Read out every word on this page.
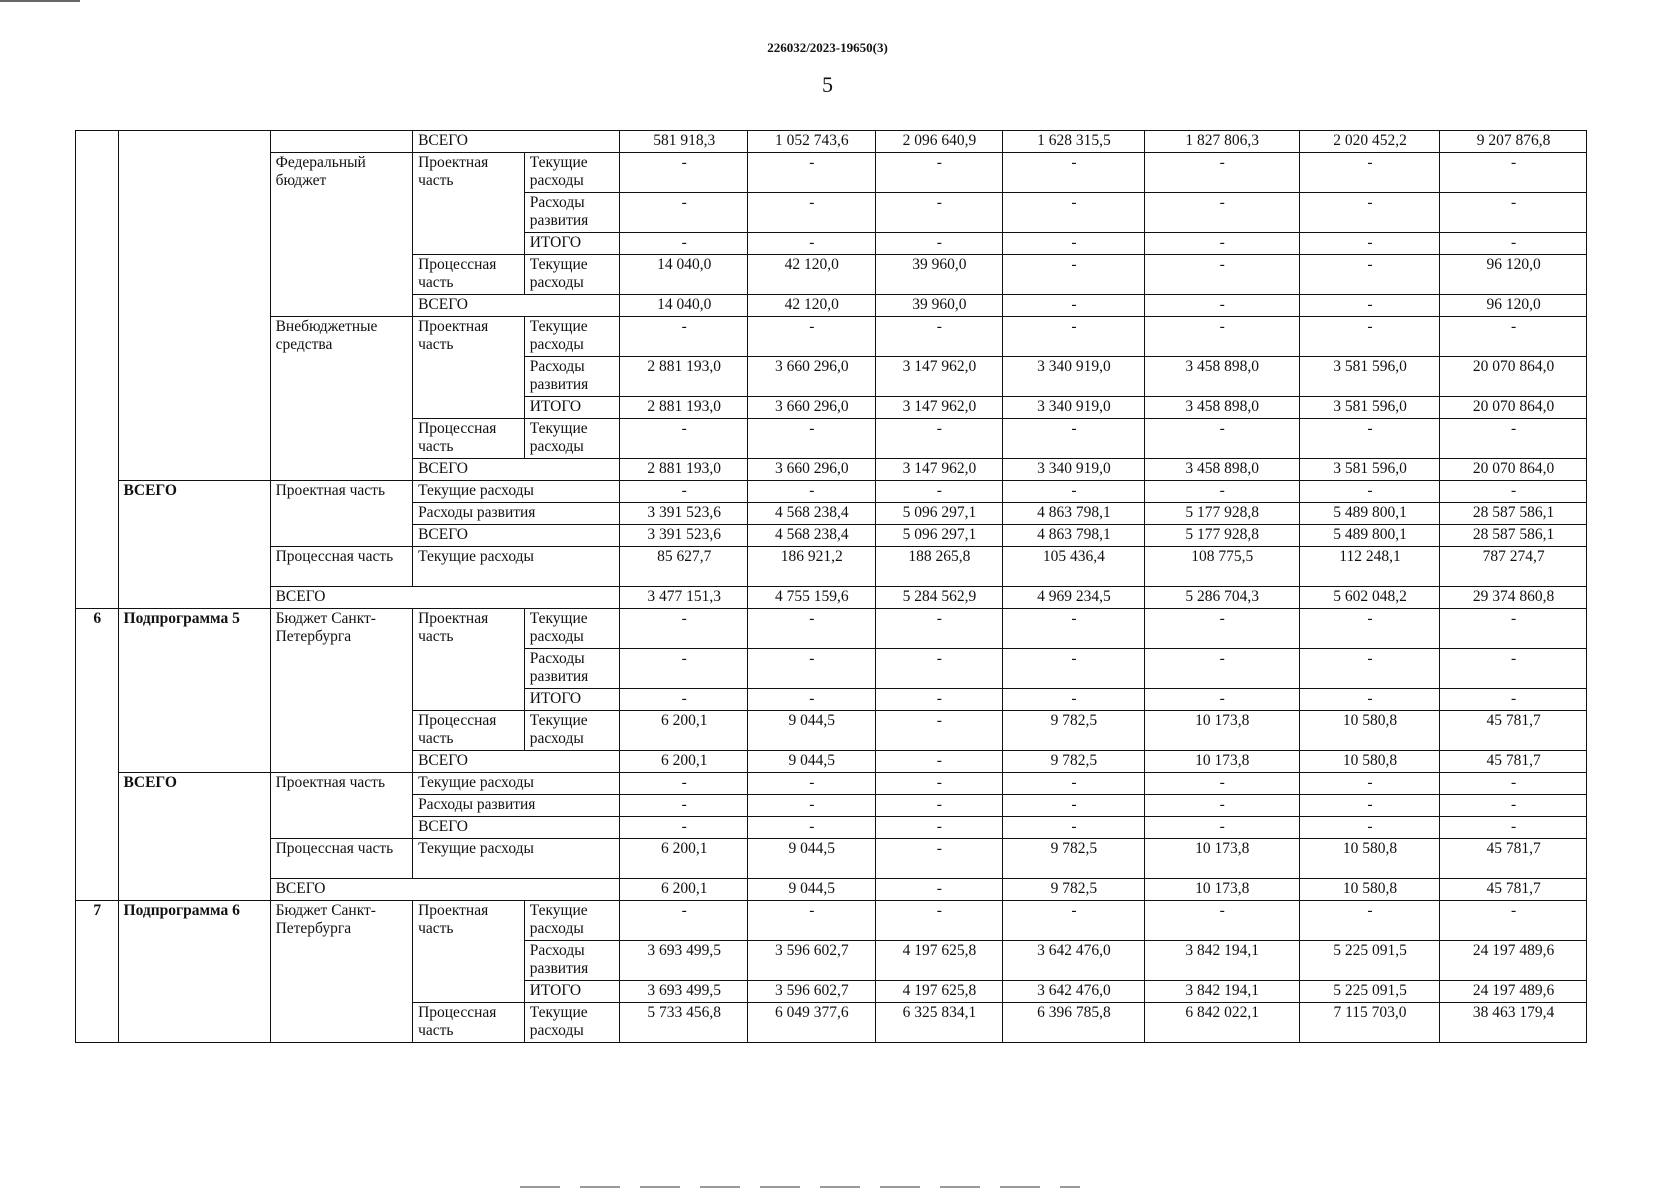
226032/2023-19650(3)
5
			ВСЕГО		581 918,3	1 052 743,6	2 096 640,9	1 628 315,5	1 827 806,3	2 020 452,2	9 207 876,8
		Федеральный бюджет	Проектная часть	Текущие расходы	-	-	-	-	-	-	-
				Расходы развития	-	-	-	-	-	-	-
				ИТОГО	-	-	-	-	-	-	-
			Процессная часть	Текущие расходы	14 040,0	42 120,0	39 960,0	-	-	-	96 120,0
			ВСЕГО		14 040,0	42 120,0	39 960,0	-	-	-	96 120,0
		Внебюджетные средства	Проектная часть	Текущие расходы	-	-	-	-	-	-	-
				Расходы развития	2 881 193,0	3 660 296,0	3 147 962,0	3 340 919,0	3 458 898,0	3 581 596,0	20 070 864,0
				ИТОГО	2 881 193,0	3 660 296,0	3 147 962,0	3 340 919,0	3 458 898,0	3 581 596,0	20 070 864,0
			Процессная часть	Текущие расходы	-	-	-	-	-	-	-
			ВСЕГО		2 881 193,0	3 660 296,0	3 147 962,0	3 340 919,0	3 458 898,0	3 581 596,0	20 070 864,0
	ВСЕГО	Проектная часть	Текущие расходы		-	-	-	-	-	-	-
			Расходы развития		3 391 523,6	4 568 238,4	5 096 297,1	4 863 798,1	5 177 928,8	5 489 800,1	28 587 586,1
			ВСЕГО		3 391 523,6	4 568 238,4	5 096 297,1	4 863 798,1	5 177 928,8	5 489 800,1	28 587 586,1
		Процессная часть	Текущие расходы		85 627,7	186 921,2	188 265,8	105 436,4	108 775,5	112 248,1	787 274,7
		ВСЕГО			3 477 151,3	4 755 159,6	5 284 562,9	4 969 234,5	5 286 704,3	5 602 048,2	29 374 860,8
6	Подпрограмма 5	Бюджет Санкт-Петербурга	Проектная часть	Текущие расходы	-	-	-	-	-	-	-
				Расходы развития	-	-	-	-	-	-	-
				ИТОГО	-	-	-	-	-	-	-
			Процессная часть	Текущие расходы	6 200,1	9 044,5	-	9 782,5	10 173,8	10 580,8	45 781,7
			ВСЕГО		6 200,1	9 044,5	-	9 782,5	10 173,8	10 580,8	45 781,7
	ВСЕГО	Проектная часть	Текущие расходы		-	-	-	-	-	-	-
			Расходы развития		-	-	-	-	-	-	-
			ВСЕГО		-	-	-	-	-	-	-
		Процессная часть	Текущие расходы		6 200,1	9 044,5	-	9 782,5	10 173,8	10 580,8	45 781,7
		ВСЕГО			6 200,1	9 044,5	-	9 782,5	10 173,8	10 580,8	45 781,7
7	Подпрограмма 6	Бюджет Санкт-Петербурга	Проектная часть	Текущие расходы	-	-	-	-	-	-	-
				Расходы развития	3 693 499,5	3 596 602,7	4 197 625,8	3 642 476,0	3 842 194,1	5 225 091,5	24 197 489,6
				ИТОГО	3 693 499,5	3 596 602,7	4 197 625,8	3 642 476,0	3 842 194,1	5 225 091,5	24 197 489,6
			Процессная часть	Текущие расходы	5 733 456,8	6 049 377,6	6 325 834,1	6 396 785,8	6 842 022,1	7 115 703,0	38 463 179,4
